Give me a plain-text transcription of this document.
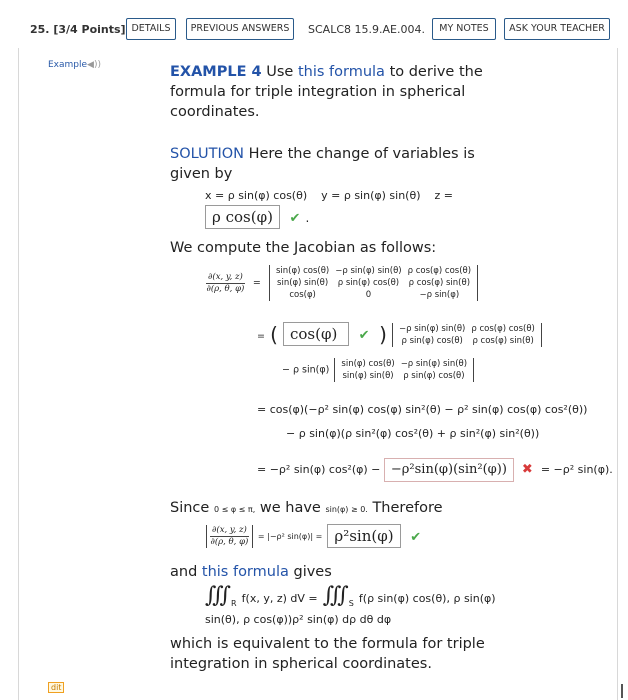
25. [3/4 Points] DETAILS	PREVIOUS ANSWERS	SCALC8 15.9.AE.004.	MY NOTES	ASK YOUR TEACHER
Example◀))	EXAMPLE 4 Use this formula to derive the
formula for triple integration in spherical
coordinates.
SOLUTION Here the change of variables is
given by
x = ρ sin(φ) cos(θ) y = ρ sin(φ) sin(θ) z =
ρ cos(φ)  ✔ .
We compute the Jacobian as follows:
$\frac{\partial(x, y, z)}{\partial(\rho, \theta, \varphi)}$ =
sin(φ) cos(θ)	−ρ sin(φ) sin(θ)	ρ cos(φ) cos(θ)
sin(φ) sin(θ)	ρ sin(φ) cos(θ)	ρ cos(φ) sin(θ)
cos(φ)	0	−ρ sin(φ)
= ( cos(φ)  ✔  ) −ρ sin(φ) sin(θ)	ρ cos(φ) cos(θ)
ρ sin(φ) cos(θ)	ρ cos(φ) sin(θ)
− ρ sin(φ)
sin(φ) cos(θ)	−ρ sin(φ) sin(θ)
sin(φ) sin(θ)	ρ sin(φ) cos(θ)
= cos(φ)(−ρ² sin(φ) cos(φ) sin²(θ) − ρ² sin(φ) cos(φ) cos²(θ))
− ρ sin(φ)(ρ sin²(φ) cos²(θ) + ρ sin²(φ) sin²(θ))
= −ρ² sin(φ) cos²(φ) − −ρ²sin(φ)(sin²(φ))  ✖  = −ρ² sin(φ).
Since 0 ≤ φ ≤ π, we have sin(φ) ≥ 0. Therefore
$\frac{\partial(x, y, z)}{\partial(\rho, \theta, \varphi)} = |-\rho^2$ sin(φ)| = ρ²sin(φ)  ✔
and this formula gives
$∭_R$ f(x, y, z) dV = $∭_S$ f(ρ sin(φ) cos(θ), ρ sin(φ)
sin(θ), ρ cos(φ))ρ² sin(φ) dρ dθ dφ
which is equivalent to the formula for triple
integration in spherical coordinates.
dit
